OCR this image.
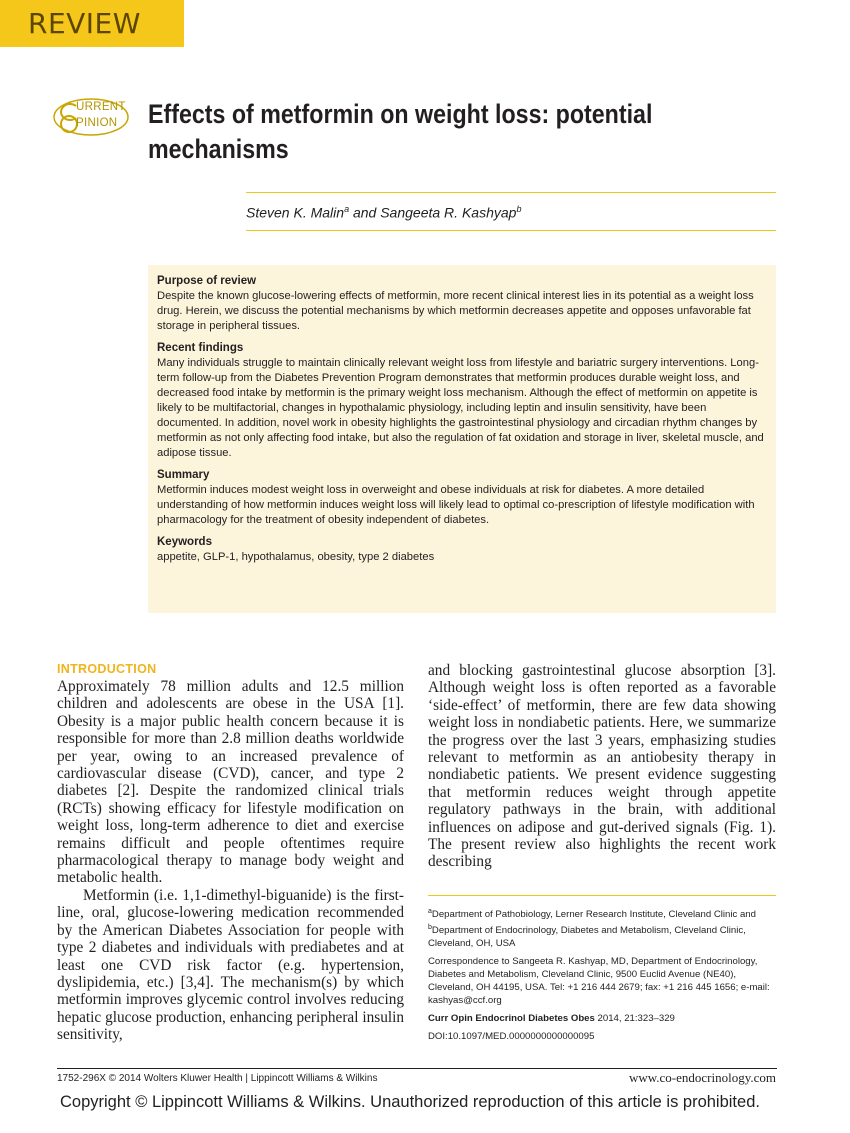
REVIEW
URRENT
PINION Effects of metformin on weight loss: potential
mechanisms
Steven K. Malin$^a$ and Sangeeta R. Kashyap$^b$
Purpose of review

Despite the known glucose-lowering effects of metformin, more recent clinical interest lies in its potential as a weight loss drug. Herein, we discuss the potential mechanisms by which metformin decreases appetite and opposes unfavorable fat storage in peripheral tissues.

Recent findings

Many individuals struggle to maintain clinically relevant weight loss from lifestyle and bariatric surgery interventions. Long-term follow-up from the Diabetes Prevention Program demonstrates that metformin produces durable weight loss, and decreased food intake by metformin is the primary weight loss mechanism. Although the effect of metformin on appetite is likely to be multifactorial, changes in hypothalamic physiology, including leptin and insulin sensitivity, have been documented. In addition, novel work in obesity highlights the gastrointestinal physiology and circadian rhythm changes by metformin as not only affecting food intake, but also the regulation of fat oxidation and storage in liver, skeletal muscle, and adipose tissue.

Summary

Metformin induces modest weight loss in overweight and obese individuals at risk for diabetes. A more detailed understanding of how metformin induces weight loss will likely lead to optimal co-prescription of lifestyle modification with pharmacology for the treatment of obesity independent of diabetes.

Keywords

appetite, GLP-1, hypothalamus, obesity, type 2 diabetes

INTRODUCTION

Approximately 78 million adults and 12.5 million children and adolescents are obese in the USA [1]. Obesity is a major public health concern because it is responsible for more than 2.8 million deaths worldwide per year, owing to an increased prevalence of cardiovascular disease (CVD), cancer, and type 2 diabetes [2]. Despite the randomized clinical trials (RCTs) showing efficacy for lifestyle modification on weight loss, long-term adherence to diet and exercise remains difficult and people oftentimes require pharmacological therapy to manage body weight and metabolic health.

Metformin (i.e. 1,1-dimethyl-biguanide) is the first-line, oral, glucose-lowering medication recommended by the American Diabetes Association for people with type 2 diabetes and individuals with prediabetes and at least one CVD risk factor (e.g. hypertension, dyslipidemia, etc.) [3,4]. The mechanism(s) by which metformin improves glycemic control involves reducing hepatic glucose production, enhancing peripheral insulin sensitivity,

and blocking gastrointestinal glucose absorption [3]. Although weight loss is often reported as a favorable ‘side-effect’ of metformin, there are few data showing weight loss in nondiabetic patients. Here, we summarize the progress over the last 3 years, emphasizing studies relevant to metformin as an antiobesity therapy in nondiabetic patients. We present evidence suggesting that metformin reduces weight through appetite regulatory pathways in the brain, with additional influences on adipose and gut-derived signals (Fig. 1). The present review also highlights the recent work describing

$^a$Department of Pathobiology, Lerner Research Institute, Cleveland Clinic and $^b$Department of Endocrinology, Diabetes and Metabolism, Cleveland Clinic, Cleveland, OH, USA

Correspondence to Sangeeta R. Kashyap, MD, Department of Endocrinology, Diabetes and Metabolism, Cleveland Clinic, 9500 Euclid Avenue (NE40), Cleveland, OH 44195, USA. Tel: +1 216 444 2679; fax: +1 216 445 1656; e-mail: kashyas@ccf.org

Curr Opin Endocrinol Diabetes Obes 2014, 21:323–329

DOI:10.1097/MED.0000000000000095

1752-296X © 2014 Wolters Kluwer Health | Lippincott Williams & Wilkins	www.co-endocrinology.com
Copyright © Lippincott Williams & Wilkins. Unauthorized reproduction of this article is prohibited.
